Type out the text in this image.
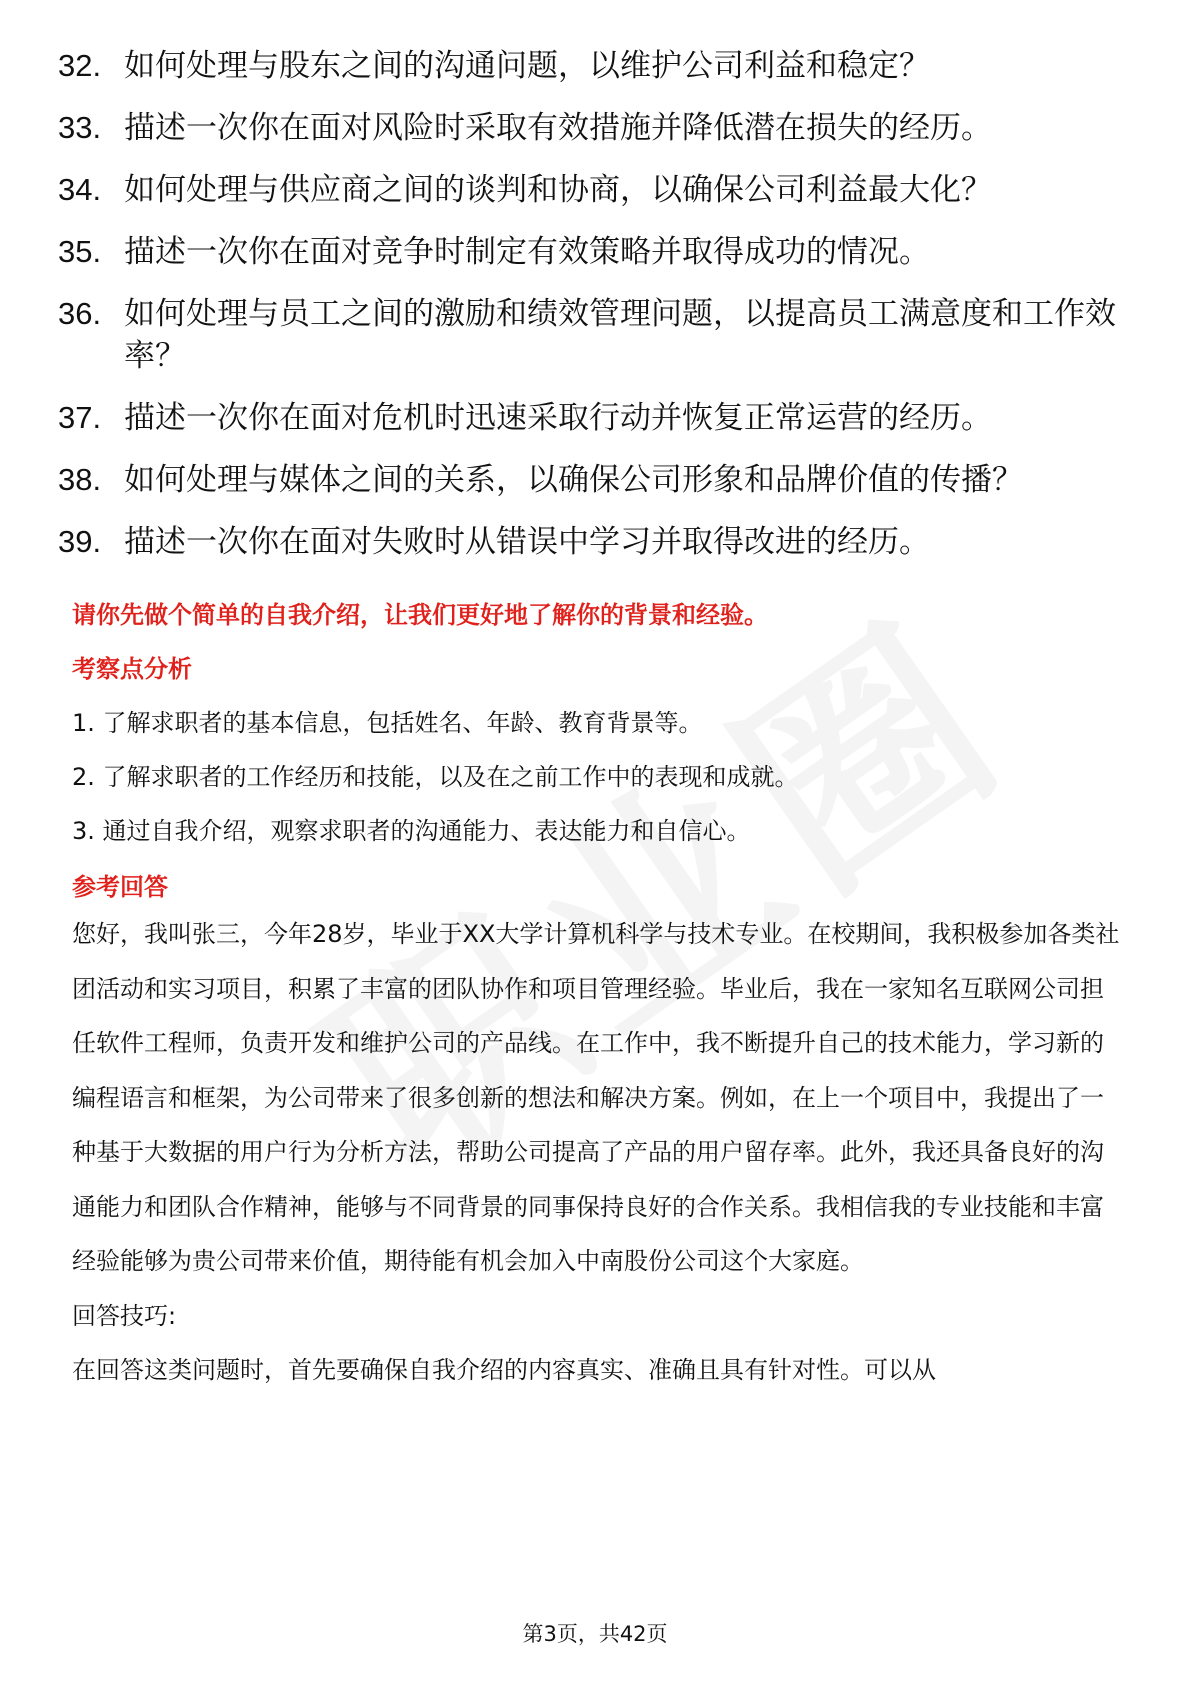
32. 如何处理与股东之间的沟通问题，以维护公司利益和稳定？
33. 描述一次你在面对风险时采取有效措施并降低潜在损失的经历。
34. 如何处理与供应商之间的谈判和协商，以确保公司利益最大化？
35. 描述一次你在面对竞争时制定有效策略并取得成功的情况。
36. 如何处理与员工之间的激励和绩效管理问题，以提高员工满意度和工作效率？
37. 描述一次你在面对危机时迅速采取行动并恢复正常运营的经历。
38. 如何处理与媒体之间的关系，以确保公司形象和品牌价值的传播？
39. 描述一次你在面对失败时从错误中学习并取得改进的经历。
请你先做个简单的自我介绍，让我们更好地了解你的背景和经验。
考察点分析
1. 了解求职者的基本信息，包括姓名、年龄、教育背景等。
2. 了解求职者的工作经历和技能，以及在之前工作中的表现和成就。
3. 通过自我介绍，观察求职者的沟通能力、表达能力和自信心。
参考回答

您好，我叫张三，今年28岁，毕业于XX大学计算机科学与技术专业。在校期间，我积极参加各类社团活动和实习项目，积累了丰富的团队协作和项目管理经验。毕业后，我在一家知名互联网公司担任软件工程师，负责开发和维护公司的产品线。在工作中，我不断提升自己的技术能力，学习新的编程语言和框架，为公司带来了很多创新的想法和解决方案。例如，在上一个项目中，我提出了一种基于大数据的用户行为分析方法，帮助公司提高了产品的用户留存率。此外，我还具备良好的沟通能力和团队合作精神，能够与不同背景的同事保持良好的合作关系。我相信我的专业技能和丰富经验能够为贵公司带来价值，期待能有机会加入中南股份公司这个大家庭。

回答技巧:

在回答这类问题时，首先要确保自我介绍的内容真实、准确且具有针对性。可以从

第3页，共42页
